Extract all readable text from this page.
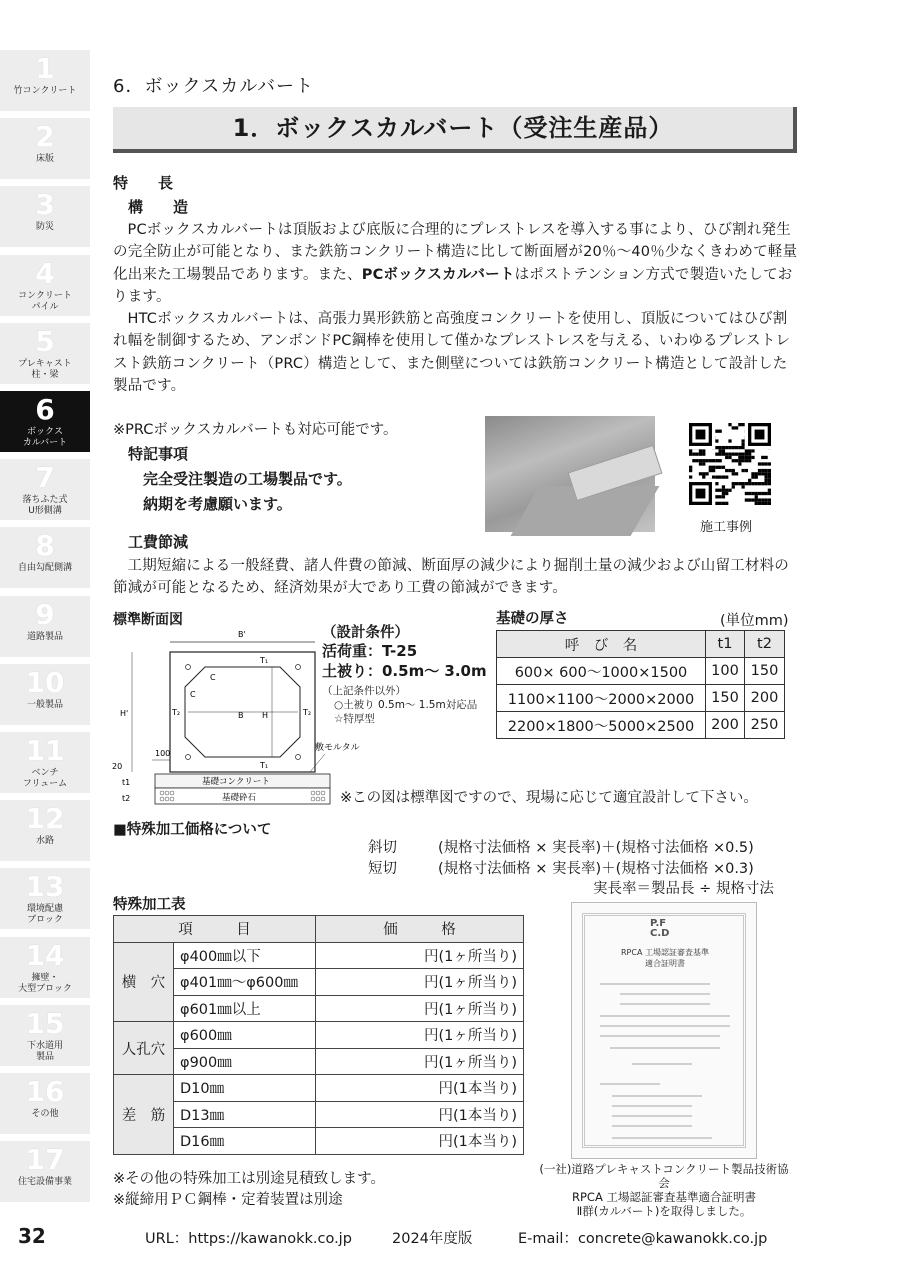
1
竹コンクリート
2
床版
3
防災
4
コンクリート
パイル
5
プレキャスト
柱・梁
6
ボックス
カルバート
7
落ちふた式
U形側溝
8
自由勾配側溝
9
道路製品
10
一般製品
11
ベンチ
フリューム
12
水路
13
環境配慮
ブロック
14
擁壁・
大型ブロック
15
下水道用
製品
16
その他
17
住宅設備事業
6．ボックスカルバート
1．ボックスカルバート（受注生産品）
特　　長
構　　造

PCボックスカルバートは頂版および底版に合理的にプレストレスを導入する事により、ひび割れ発生の完全防止が可能となり、また鉄筋コンクリート構造に比して断面層が20％～40％少なくきわめて軽量化出来た工場製品であります。また、PCボックスカルバートはポストテンション方式で製造いたしております。

HTCボックスカルバートは、高張力異形鉄筋と高強度コンクリートを使用し、頂版についてはひび割れ幅を制御するため、アンボンドPC鋼棒を使用して僅かなプレストレスを与える、いわゆるプレストレスト鉄筋コンクリート（PRC）構造として、また側壁については鉄筋コンクリート構造として設計した製品です。

※PRCボックスカルバートも対応可能です。
特記事項
完全受注製造の工場製品です。
納期を考慮願います。
施工事例
工費節減

工期短縮による一般経費、諸人件費の節減、断面厚の減少により掘削土量の減少および山留工材料の節減が可能となるため、経済効果が大であり工費の節減ができます。

標準断面図
B'
T₁
T₁
C
C
T₂	T₂
B H
H'
敷モルタル
20
100
基礎コンクリート
基礎砕石
t1
t2
（設計条件）
活荷重：T-25
土被り：0.5m～ 3.0m
（上記条件以外）
○土被り 0.5m～ 1.5m対応品
☆特厚型
※この図は標準図ですので、現場に応じて適宜設計して下さい。
基礎の厚さ	(単位mm)
呼　び　名	t1	t2
600× 600～1000×1500	100	150
1100×1100～2000×2000	150	200
2200×1800～5000×2500	200	250
■特殊加工価格について
斜切	(規格寸法価格 × 実長率)＋(規格寸法価格 ×0.5)
短切	(規格寸法価格 × 実長率)＋(規格寸法価格 ×0.3)
実長率＝製品長 ÷ 規格寸法
特殊加工表
項　　　目		価　　　格
横　穴	φ400㎜以下	円(1ヶ所当り)
	φ401㎜～φ600㎜	円(1ヶ所当り)
	φ601㎜以上	円(1ヶ所当り)
人孔穴	φ600㎜	円(1ヶ所当り)
	φ900㎜	円(1ヶ所当り)
差　筋	D10㎜	円(1本当り)
	D13㎜	円(1本当り)
	D16㎜	円(1本当り)
※その他の特殊加工は別途見積致します。
※縦締用ＰＣ鋼棒・定着装置は別途
P.F
C.D
RPCA 工場認証審査基準
適合証明書
(一社)道路プレキャストコンクリート製品技術協会
RPCA 工場認証審査基準適合証明書
Ⅱ群(カルバート)を取得しました。
32	URL：https://kawanokk.co.jp	2024年度版	E-mail：concrete@kawanokk.co.jp
